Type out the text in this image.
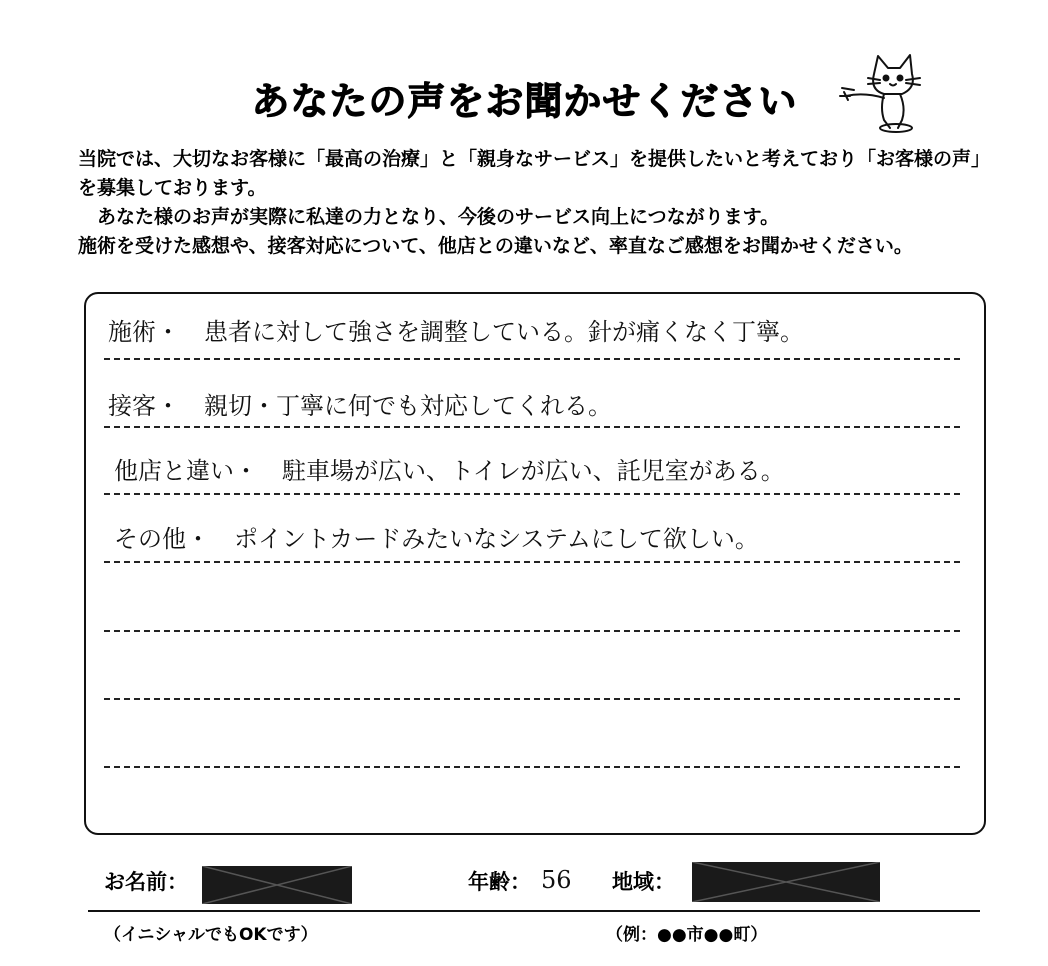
あなたの声をお聞かせください

当院では、大切なお客様に「最高の治療」と「親身なサービス」を提供したいと考えており「お客様の声」を募集しております。

あなた様のお声が実際に私達の力となり、今後のサービス向上につながります。

施術を受けた感想や、接客対応について、他店との違いなど、率直なご感想をお聞かせください。

施術・ 患者に対して強さを調整している。針が痛くなく丁寧。
接客・ 親切・丁寧に何でも対応してくれる。
他店と違い・ 駐車場が広い、トイレが広い、託児室がある。
その他・ ポイントカードみたいなシステムにして欲しい。
お名前：	年齢： 56 地域：
（イニシャルでもOKです）	（例：●●市●●町）
